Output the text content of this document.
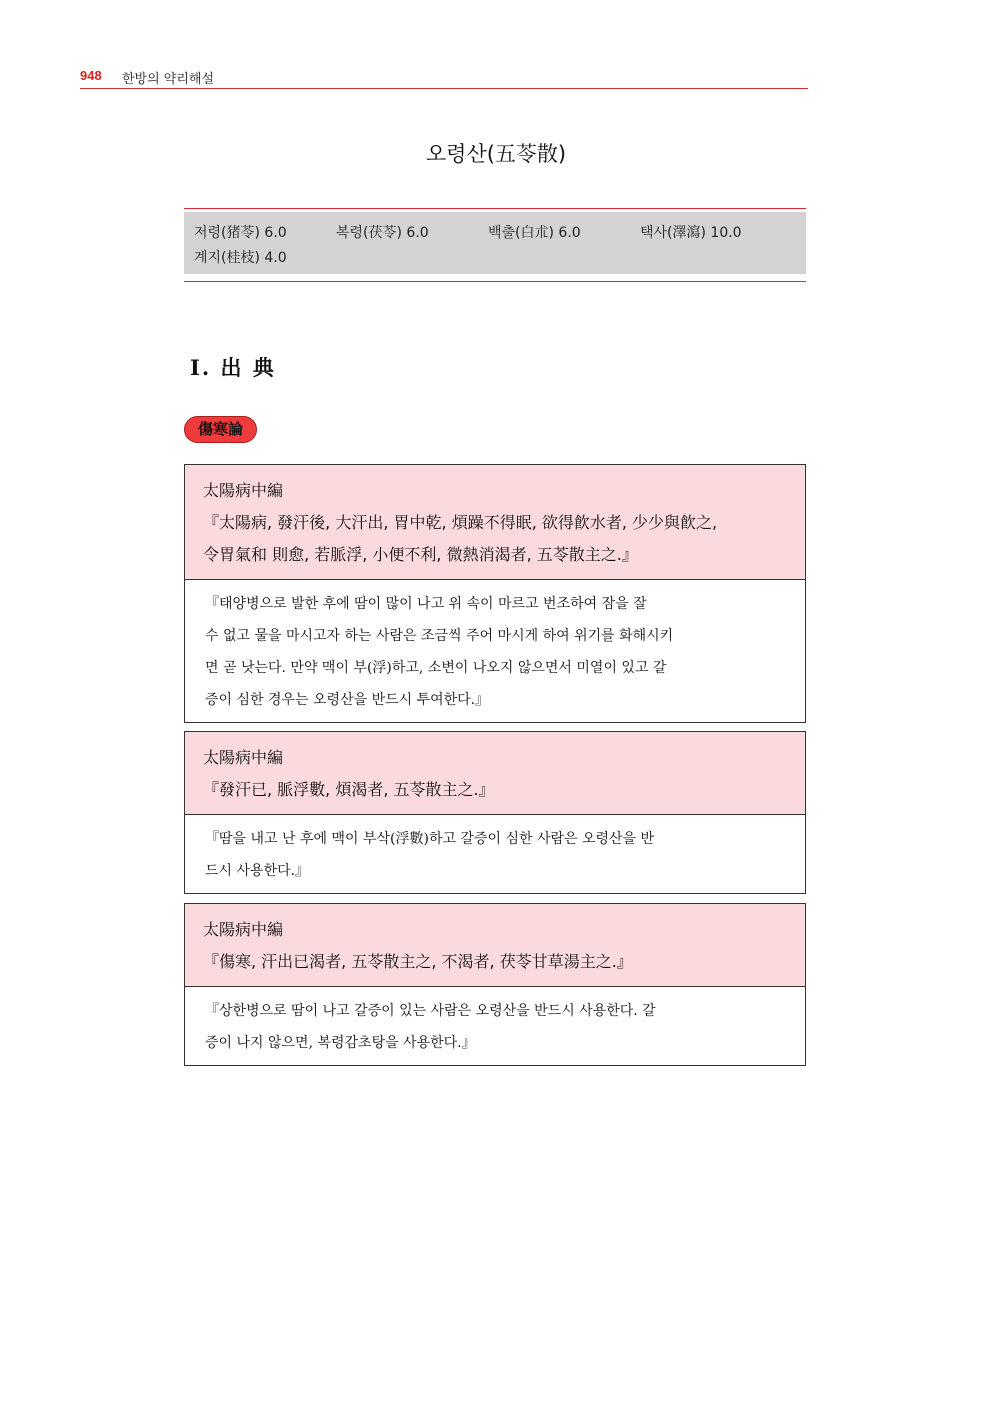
948 한방의 약리해설
오령산(五苓散)
저령(猪苓) 6.0	복령(茯苓) 6.0	백출(白朮) 6.0	택사(澤瀉) 10.0
계지(桂枝) 4.0
Ⅰ. 出 典
傷寒論
太陽病中編
『太陽病, 發汗後, 大汗出, 胃中乾, 煩躁不得眠, 欲得飮水者, 少少與飮之,
令胃氣和 則愈, 若脈浮, 小便不利, 微熱消渴者, 五苓散主之.』
『태양병으로 발한 후에 땀이 많이 나고 위 속이 마르고 번조하여 잠을 잘
수 없고 물을 마시고자 하는 사람은 조금씩 주어 마시게 하여 위기를 화해시키
면 곧 낫는다. 만약 맥이 부(浮)하고, 소변이 나오지 않으면서 미열이 있고 갈
증이 심한 경우는 오령산을 반드시 투여한다.』
太陽病中編
『發汗已, 脈浮數, 煩渴者, 五苓散主之.』
『땀을 내고 난 후에 맥이 부삭(浮數)하고 갈증이 심한 사람은 오령산을 반
드시 사용한다.』
太陽病中編
『傷寒, 汗出已渴者, 五苓散主之, 不渴者, 茯苓甘草湯主之.』
『상한병으로 땀이 나고 갈증이 있는 사람은 오령산을 반드시 사용한다. 갈
증이 나지 않으면, 복령감초탕을 사용한다.』
